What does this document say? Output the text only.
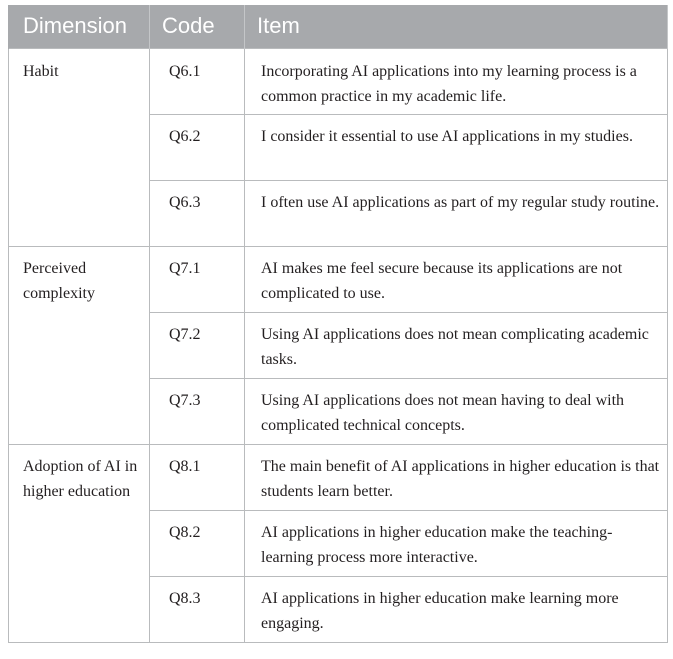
Dimension	Code	Item
Habit	Q6.1	Incorporating AI applications into my learning process is a common practice in my academic life.
	Q6.2	I consider it essential to use AI applications in my studies.
	Q6.3	I often use AI applications as part of my regular study routine.
Perceived complexity	Q7.1	AI makes me feel secure because its applications are not complicated to use.
	Q7.2	Using AI applications does not mean complicating academic tasks.
	Q7.3	Using AI applications does not mean having to deal with complicated technical concepts.
Adoption of AI in higher education	Q8.1	The main benefit of AI applications in higher education is that students learn better.
	Q8.2	AI applications in higher education make the teaching-learning process more interactive.
	Q8.3	AI applications in higher education make learning more engaging.
